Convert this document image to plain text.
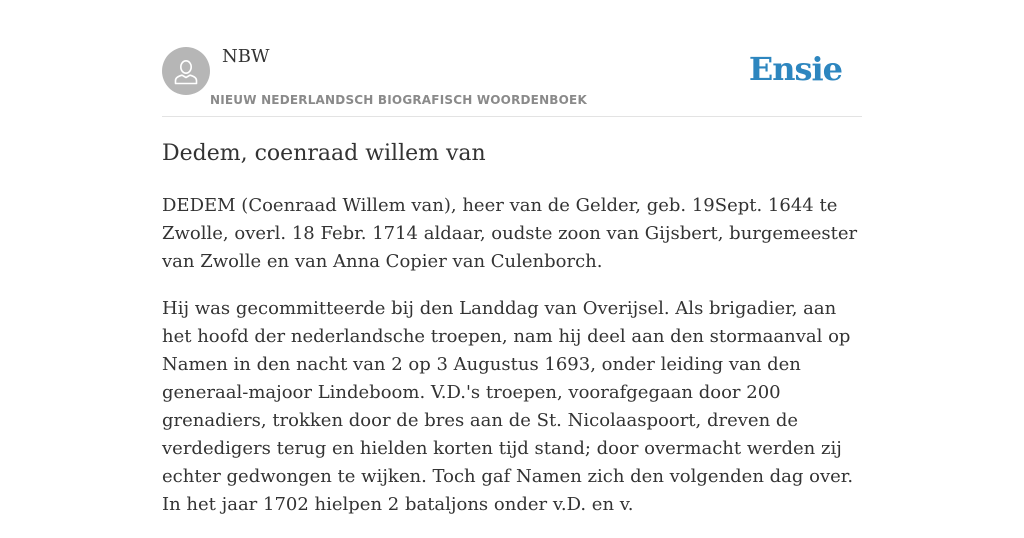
NBW
NIEUW NEDERLANDSCH BIOGRAFISCH WOORDENBOEK
Ensie
Dedem, coenraad willem van

DEDEM (Coenraad Willem van), heer van de Gelder, geb. 19Sept. 1644 te Zwolle, overl. 18 Febr. 1714 aldaar, oudste zoon van Gijsbert, burgemeester van Zwolle en van Anna Copier van Culenborch.

Hij was gecommitteerde bij den Landdag van Overijsel. Als brigadier, aan het hoofd der nederlandsche troepen, nam hij deel aan den stormaanval op Namen in den nacht van 2 op 3 Augustus 1693, onder leiding van den generaal-majoor Lindeboom. V.D.'s troepen, voorafgegaan door 200 grenadiers, trokken door de bres aan de St. Nicolaaspoort, dreven de verdedigers terug en hielden korten tijd stand; door overmacht werden zij echter gedwongen te wijken. Toch gaf Namen zich den volgenden dag over. In het jaar 1702 hielpen 2 bataljons onder v.D. en v.
